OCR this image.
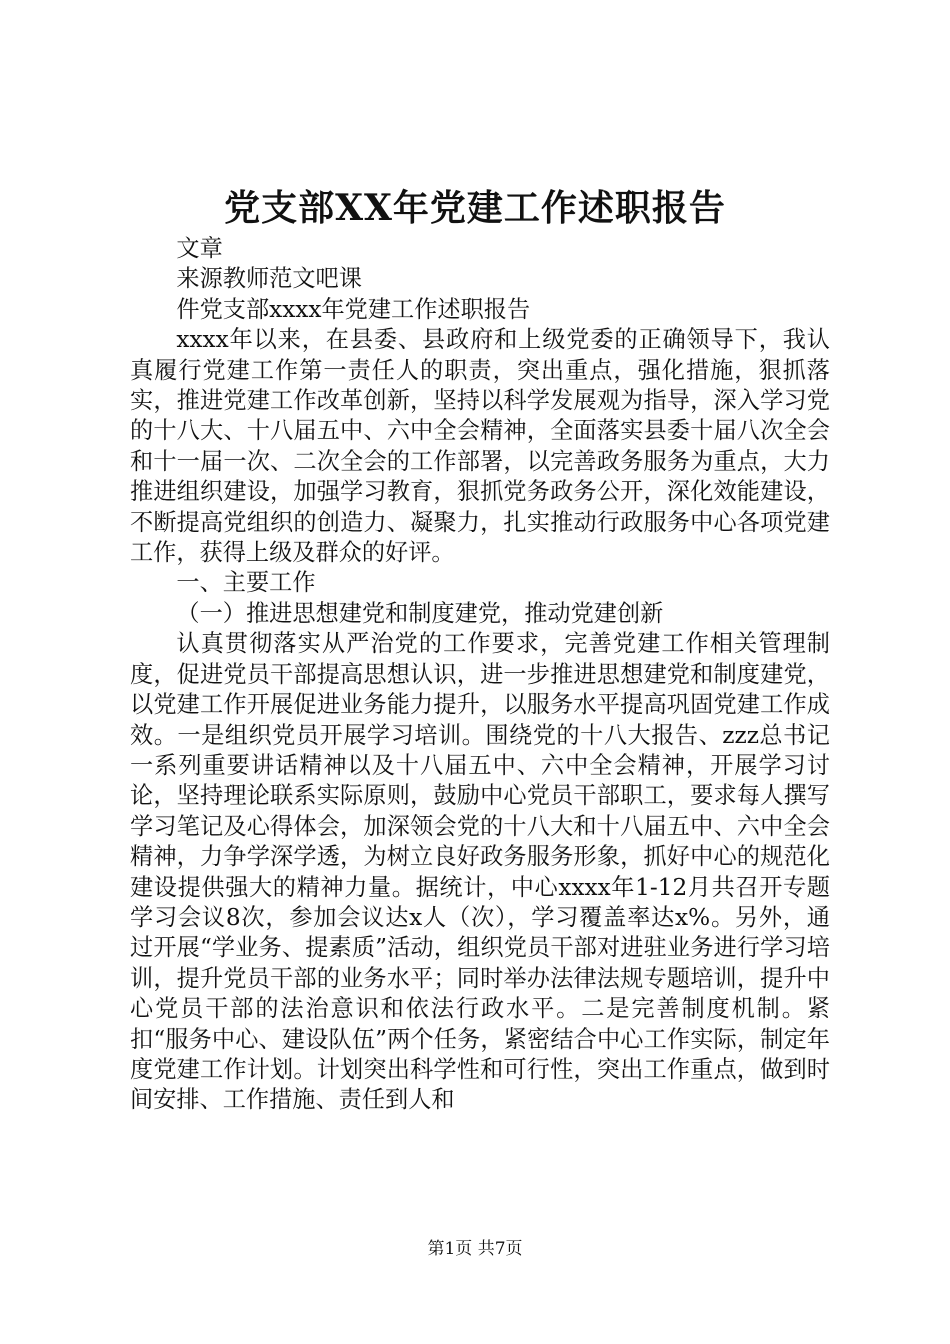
党支部XX年党建工作述职报告

文章

来源教师范文吧课

件党支部xxxx年党建工作述职报告

xxxx年以来，在县委、县政府和上级党委的正确领导下，我认真履行党建工作第一责任人的职责，突出重点，强化措施，狠抓落实，推进党建工作改革创新，坚持以科学发展观为指导，深入学习党的十八大、十八届五中、六中全会精神，全面落实县委十届八次全会和十一届一次、二次全会的工作部署，以完善政务服务为重点，大力推进组织建设，加强学习教育，狠抓党务政务公开，深化效能建设，不断提高党组织的创造力、凝聚力，扎实推动行政服务中心各项党建工作，获得上级及群众的好评。

一、主要工作

（一）推进思想建党和制度建党，推动党建创新

认真贯彻落实从严治党的工作要求，完善党建工作相关管理制度，促进党员干部提高思想认识，进一步推进思想建党和制度建党，以党建工作开展促进业务能力提升，以服务水平提高巩固党建工作成效。一是组织党员开展学习培训。围绕党的十八大报告、zzz总书记一系列重要讲话精神以及十八届五中、六中全会精神，开展学习讨论，坚持理论联系实际原则，鼓励中心党员干部职工，要求每人撰写学习笔记及心得体会，加深领会党的十八大和十八届五中、六中全会精神，力争学深学透，为树立良好政务服务形象，抓好中心的规范化建设提供强大的精神力量。据统计，中心xxxx年1-12月共召开专题学习会议8次，参加会议达x人（次），学习覆盖率达x%。另外，通过开展“学业务、提素质”活动，组织党员干部对进驻业务进行学习培训，提升党员干部的业务水平；同时举办法律法规专题培训，提升中心党员干部的法治意识和依法行政水平。二是完善制度机制。紧扣“服务中心、建设队伍”两个任务，紧密结合中心工作实际，制定年度党建工作计划。计划突出科学性和可行性，突出工作重点，做到时间安排、工作措施、责任到人和

第1页 共7页
